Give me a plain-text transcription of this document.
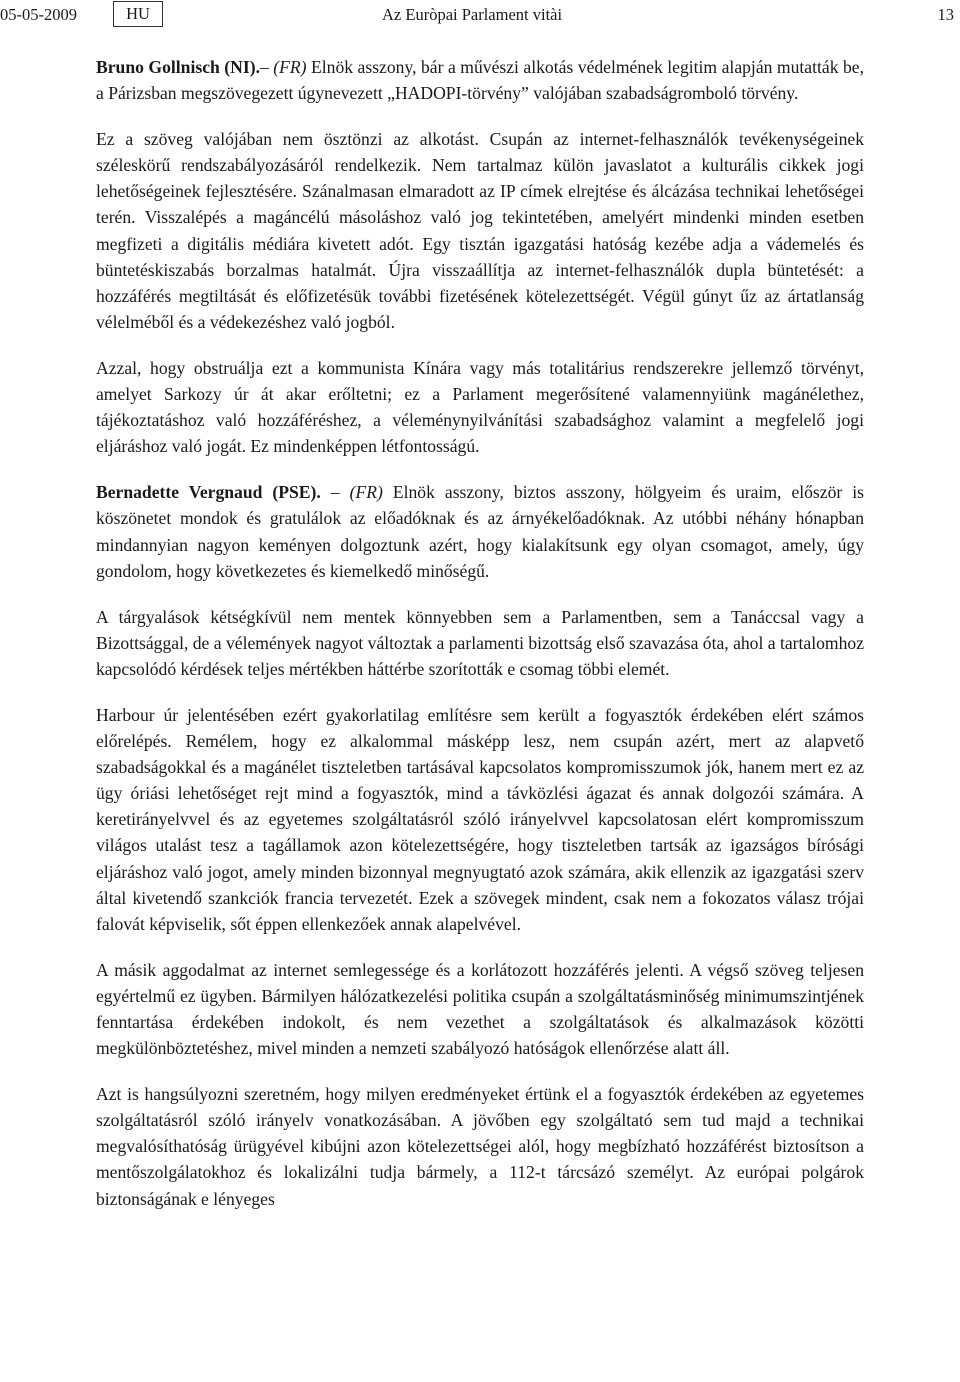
05-05-2009	HU	Az Euròpai Parlament vitài	13

Bruno Gollnisch (NI).– (FR) Elnök asszony, bár a művészi alkotás védelmének legitim alapján mutatták be, a Párizsban megszövegezett úgynevezett „HADOPI-törvény” valójában szabadságromboló törvény.

Ez a szöveg valójában nem ösztönzi az alkotást. Csupán az internet-felhasználók tevékenységeinek széleskörű rendszabályozásáról rendelkezik. Nem tartalmaz külön javaslatot a kulturális cikkek jogi lehetőségeinek fejlesztésére. Szánalmasan elmaradott az IP címek elrejtése és álcázása technikai lehetőségei terén. Visszalépés a magáncélú másoláshoz való jog tekintetében, amelyért mindenki minden esetben megfizeti a digitális médiára kivetett adót. Egy tisztán igazgatási hatóság kezébe adja a vádemelés és büntetéskiszabás borzalmas hatalmát. Újra visszaállítja az internet-felhasználók dupla büntetését: a hozzáférés megtiltását és előfizetésük további fizetésének kötelezettségét. Végül gúnyt űz az ártatlanság vélelméből és a védekezéshez való jogból.

Azzal, hogy obstruálja ezt a kommunista Kínára vagy más totalitárius rendszerekre jellemző törvényt, amelyet Sarkozy úr át akar erőltetni; ez a Parlament megerősítené valamennyiünk magánélethez, tájékoztatáshoz való hozzáféréshez, a véleménynyilvánítási szabadsághoz valamint a megfelelő jogi eljáráshoz való jogát. Ez mindenképpen létfontosságú.

Bernadette Vergnaud (PSE). – (FR) Elnök asszony, biztos asszony, hölgyeim és uraim, először is köszönetet mondok és gratulálok az előadóknak és az árnyékelőadóknak. Az utóbbi néhány hónapban mindannyian nagyon keményen dolgoztunk azért, hogy kialakítsunk egy olyan csomagot, amely, úgy gondolom, hogy következetes és kiemelkedő minőségű.

A tárgyalások kétségkívül nem mentek könnyebben sem a Parlamentben, sem a Tanáccsal vagy a Bizottsággal, de a vélemények nagyot változtak a parlamenti bizottság első szavazása óta, ahol a tartalomhoz kapcsolódó kérdések teljes mértékben háttérbe szorították e csomag többi elemét.

Harbour úr jelentésében ezért gyakorlatilag említésre sem került a fogyasztók érdekében elért számos előrelépés. Remélem, hogy ez alkalommal másképp lesz, nem csupán azért, mert az alapvető szabadságokkal és a magánélet tiszteletben tartásával kapcsolatos kompromisszumok jók, hanem mert ez az ügy óriási lehetőséget rejt mind a fogyasztók, mind a távközlési ágazat és annak dolgozói számára. A keretirányelvvel és az egyetemes szolgáltatásról szóló irányelvvel kapcsolatosan elért kompromisszum világos utalást tesz a tagállamok azon kötelezettségére, hogy tiszteletben tartsák az igazságos bírósági eljáráshoz való jogot, amely minden bizonnyal megnyugtató azok számára, akik ellenzik az igazgatási szerv által kivetendő szankciók francia tervezetét. Ezek a szövegek mindent, csak nem a fokozatos válasz trójai falovát képviselik, sőt éppen ellenkezőek annak alapelvével.

A másik aggodalmat az internet semlegessége és a korlátozott hozzáférés jelenti. A végső szöveg teljesen egyértelmű ez ügyben. Bármilyen hálózatkezelési politika csupán a szolgáltatásminőség minimumszintjének fenntartása érdekében indokolt, és nem vezethet a szolgáltatások és alkalmazások közötti megkülönböztetéshez, mivel minden a nemzeti szabályozó hatóságok ellenőrzése alatt áll.

Azt is hangsúlyozni szeretném, hogy milyen eredményeket értünk el a fogyasztók érdekében az egyetemes szolgáltatásról szóló irányelv vonatkozásában. A jövőben egy szolgáltató sem tud majd a technikai megvalósíthatóság ürügyével kibújni azon kötelezettségei alól, hogy megbízható hozzáférést biztosítson a mentőszolgálatokhoz és lokalizálni tudja bármely, a 112-t tárcsázó személyt. Az európai polgárok biztonságának e lényeges
